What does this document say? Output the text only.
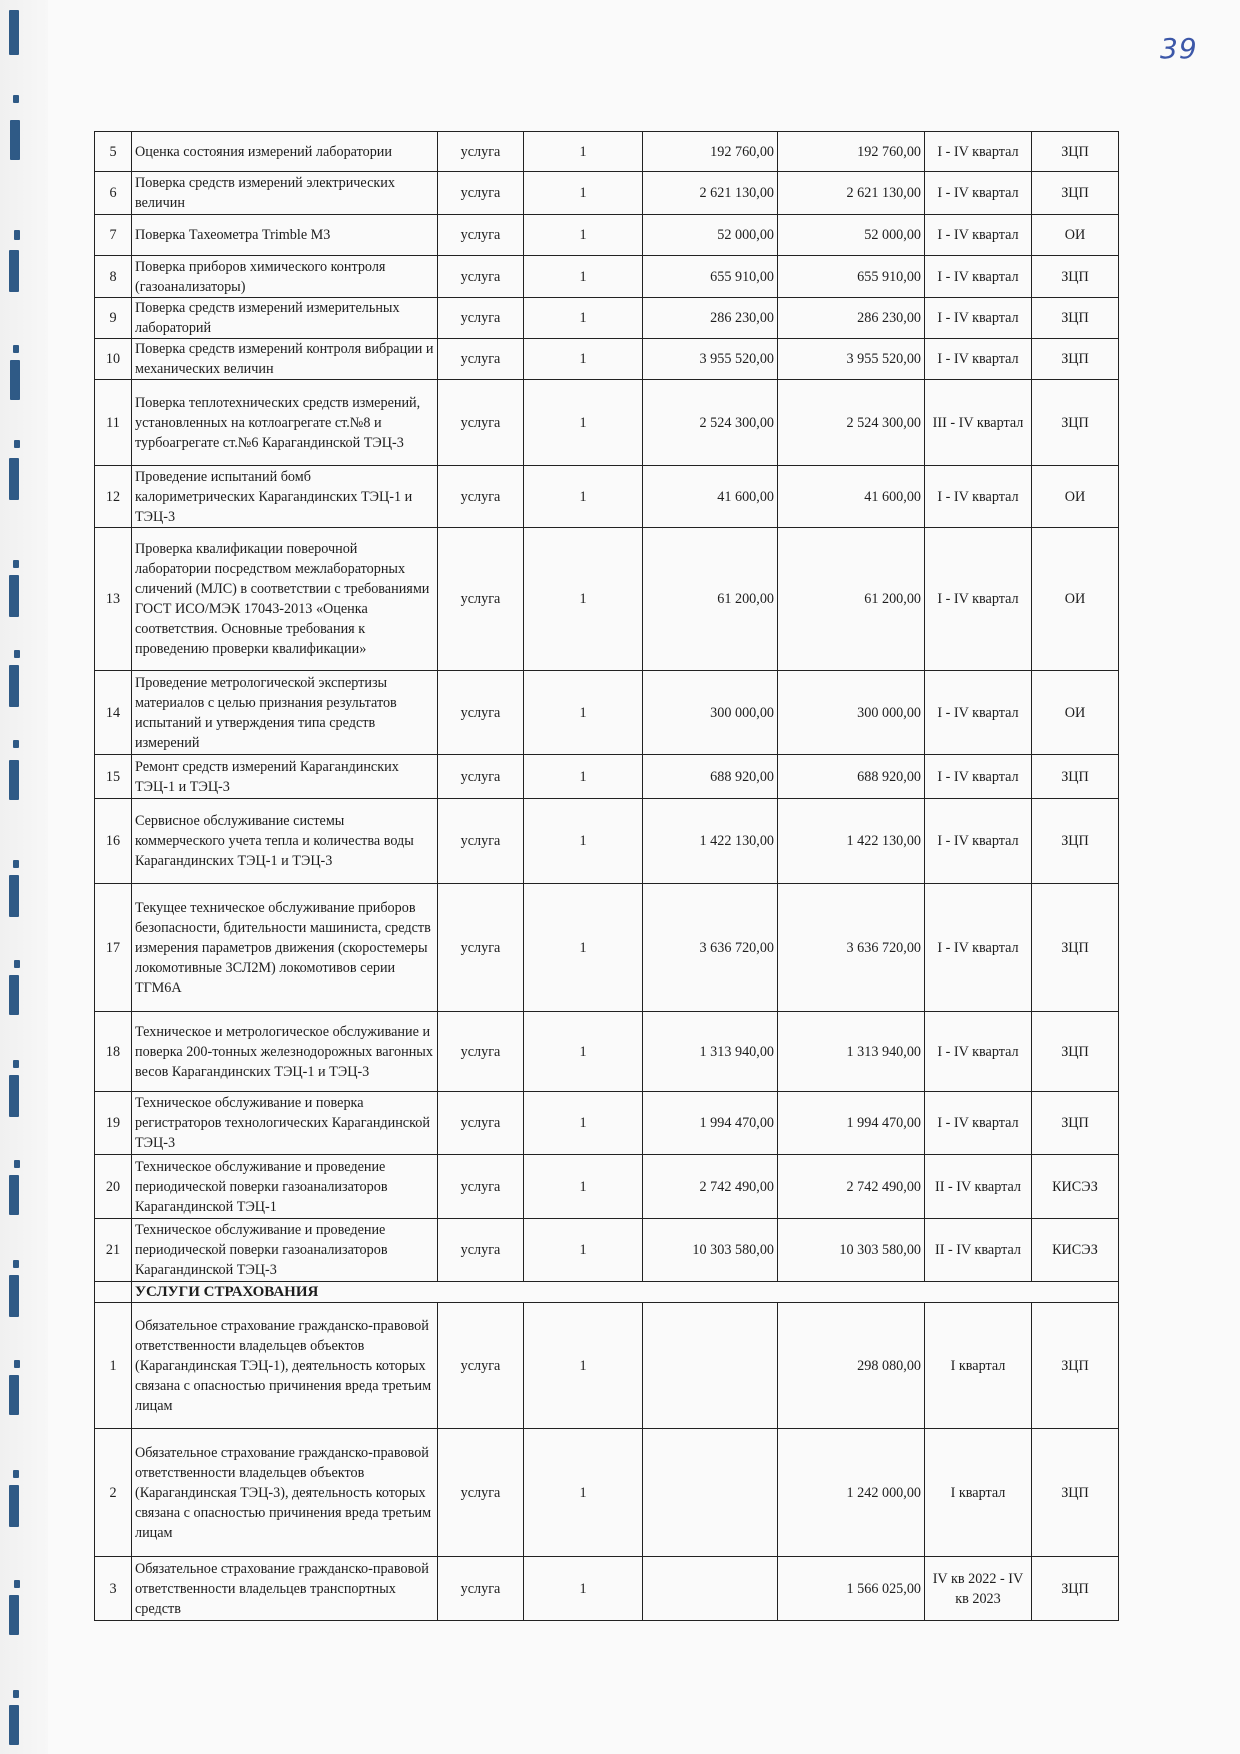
39
5	Оценка состояния измерений лаборатории	услуга	1	192 760,00	192 760,00	I - IV квартал	ЗЦП
6	Поверка средств измерений электрических величин	услуга	1	2 621 130,00	2 621 130,00	I - IV квартал	ЗЦП
7	Поверка Тахеометра Trimble M3	услуга	1	52 000,00	52 000,00	I - IV квартал	ОИ
8	Поверка приборов химического контроля (газоанализаторы)	услуга	1	655 910,00	655 910,00	I - IV квартал	ЗЦП
9	Поверка средств измерений измерительных лабораторий	услуга	1	286 230,00	286 230,00	I - IV квартал	ЗЦП
10	Поверка средств измерений контроля вибрации и механических величин	услуга	1	3 955 520,00	3 955 520,00	I - IV квартал	ЗЦП
11	Поверка теплотехнических средств измерений, установленных на котлоагрегате ст.№8 и турбоагрегате ст.№6 Карагандинской ТЭЦ-3	услуга	1	2 524 300,00	2 524 300,00	III - IV квартал	ЗЦП
12	Проведение испытаний бомб калориметрических Карагандинских ТЭЦ-1 и ТЭЦ-3	услуга	1	41 600,00	41 600,00	I - IV квартал	ОИ
13	Проверка квалификации поверочной лаборатории посредством межлабораторных сличений (МЛС) в соответствии с требованиями ГОСТ ИСО/МЭК 17043-2013 «Оценка соответствия. Основные требования к проведению проверки квалификации»	услуга	1	61 200,00	61 200,00	I - IV квартал	ОИ
14	Проведение метрологической экспертизы материалов с целью признания результатов испытаний и утверждения типа средств измерений	услуга	1	300 000,00	300 000,00	I - IV квартал	ОИ
15	Ремонт средств измерений Карагандинских ТЭЦ-1 и ТЭЦ-3	услуга	1	688 920,00	688 920,00	I - IV квартал	ЗЦП
16	Сервисное обслуживание системы коммерческого учета тепла и количества воды Карагандинских ТЭЦ-1 и ТЭЦ-3	услуга	1	1 422 130,00	1 422 130,00	I - IV квартал	ЗЦП
17	Текущее техническое обслуживание приборов безопасности, бдительности машиниста, средств измерения параметров движения (скоростемеры локомотивные 3СЛ2М) локомотивов серии ТГМ6А	услуга	1	3 636 720,00	3 636 720,00	I - IV квартал	ЗЦП
18	Техническое и метрологическое обслуживание и поверка 200-тонных железнодорожных вагонных весов Карагандинских ТЭЦ-1 и ТЭЦ-3	услуга	1	1 313 940,00	1 313 940,00	I - IV квартал	ЗЦП
19	Техническое обслуживание и поверка регистраторов технологических Карагандинской ТЭЦ-3	услуга	1	1 994 470,00	1 994 470,00	I - IV квартал	ЗЦП
20	Техническое обслуживание и проведение периодической поверки газоанализаторов Карагандинской ТЭЦ-1	услуга	1	2 742 490,00	2 742 490,00	II - IV квартал	КИСЭЗ
21	Техническое обслуживание и проведение периодической поверки газоанализаторов Карагандинской ТЭЦ-3	услуга	1	10 303 580,00	10 303 580,00	II - IV квартал	КИСЭЗ
	УСЛУГИ СТРАХОВАНИЯ						
1	Обязательное страхование гражданско-правовой ответственности владельцев объектов (Карагандинская ТЭЦ-1), деятельность которых связана с опасностью причинения вреда третьим лицам	услуга	1		298 080,00	I квартал	ЗЦП
2	Обязательное страхование гражданско-правовой ответственности владельцев объектов (Карагандинская ТЭЦ-3), деятельность которых связана с опасностью причинения вреда третьим лицам	услуга	1		1 242 000,00	I квартал	ЗЦП
3	Обязательное страхование гражданско-правовой ответственности владельцев транспортных средств	услуга	1		1 566 025,00	IV кв 2022 - IV кв 2023	ЗЦП
